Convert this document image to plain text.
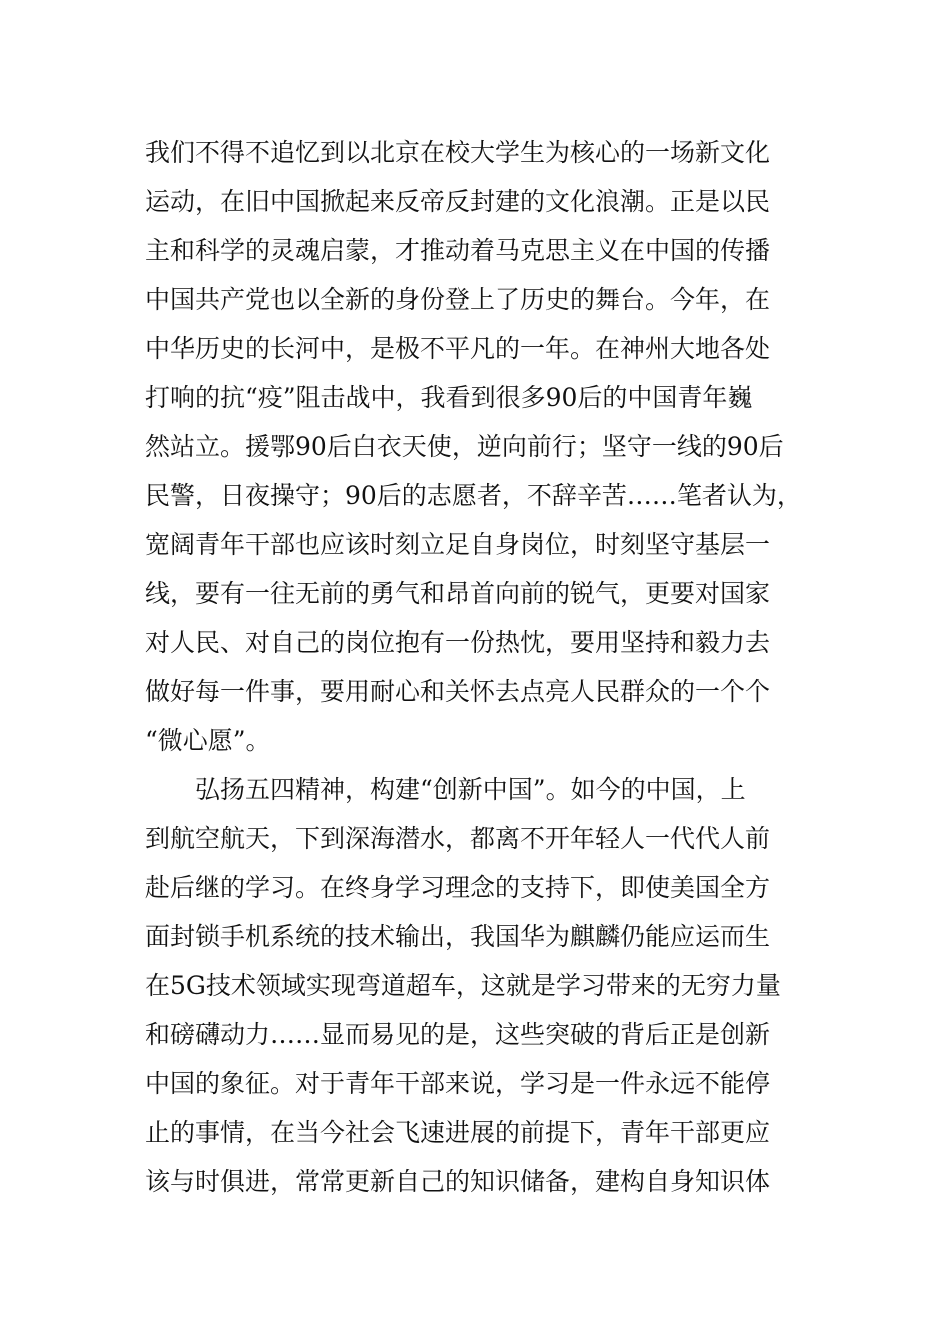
我们不得不追忆到以北京在校大学生为核心的一场新文化
运动，在旧中国掀起来反帝反封建的文化浪潮。正是以民
主和科学的灵魂启蒙，才推动着马克思主义在中国的传播
中国共产党也以全新的身份登上了历史的舞台。今年，在
中华历史的长河中，是极不平凡的一年。在神州大地各处
打响的抗“疫”阻击战中，我看到很多90后的中国青年巍
然站立。援鄂90后白衣天使，逆向前行；坚守一线的90后
民警，日夜操守；90后的志愿者，不辞辛苦……笔者认为，
宽阔青年干部也应该时刻立足自身岗位，时刻坚守基层一
线，要有一往无前的勇气和昂首向前的锐气，更要对国家
对人民、对自己的岗位抱有一份热忱，要用坚持和毅力去
做好每一件事，要用耐心和关怀去点亮人民群众的一个个
“微心愿”。
弘扬五四精神，构建“创新中国”。如今的中国，上
到航空航天，下到深海潜水，都离不开年轻人一代代人前
赴后继的学习。在终身学习理念的支持下，即使美国全方
面封锁手机系统的技术输出，我国华为麒麟仍能应运而生
在5G技术领域实现弯道超车，这就是学习带来的无穷力量
和磅礴动力……显而易见的是，这些突破的背后正是创新
中国的象征。对于青年干部来说，学习是一件永远不能停
止的事情，在当今社会飞速进展的前提下，青年干部更应
该与时俱进，常常更新自己的知识储备，建构自身知识体
